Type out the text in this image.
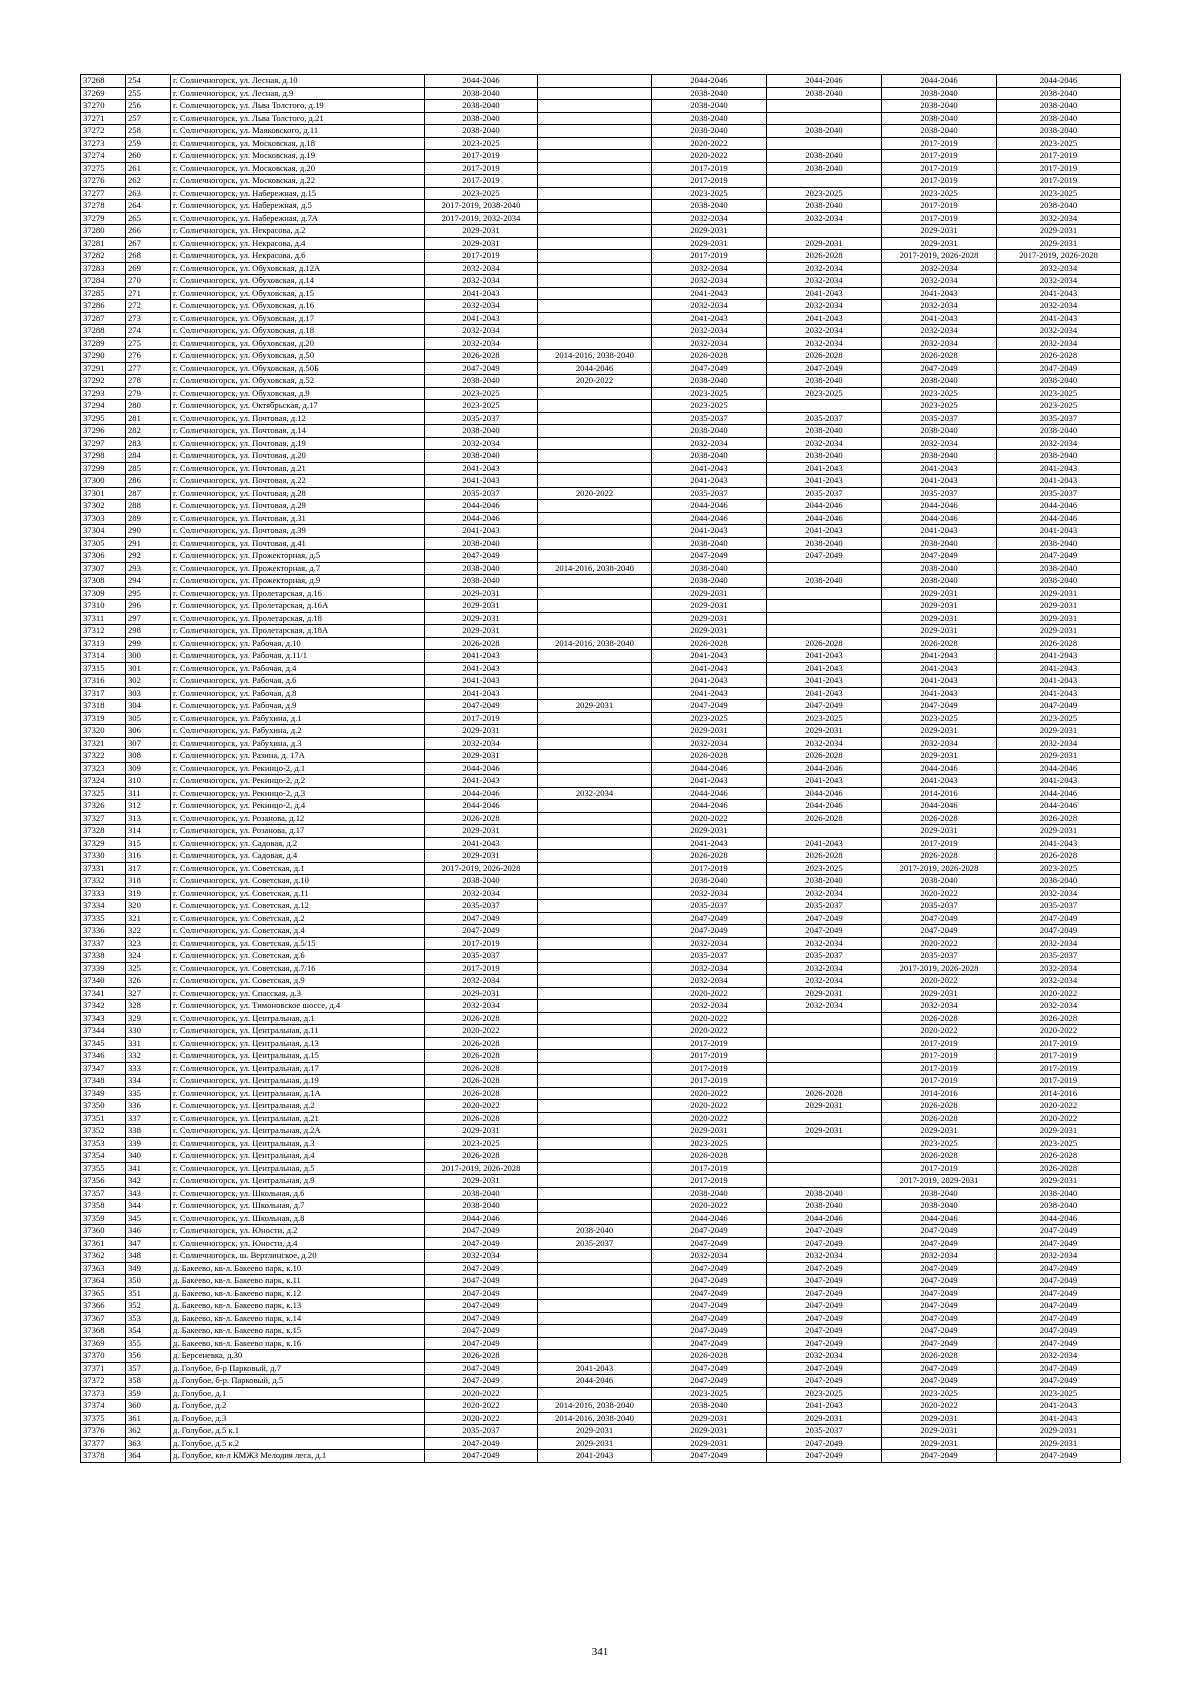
37268	254	г. Солнечногорск, ул. Лесная, д.10	2044-2046		2044-2046	2044-2046	2044-2046	2044-2046
37269	255	г. Солнечногорск, ул. Лесная, д.9	2038-2040		2038-2040	2038-2040	2038-2040	2038-2040
37270	256	г. Солнечногорск, ул. Льва Толстого, д.19	2038-2040		2038-2040		2038-2040	2038-2040
37271	257	г. Солнечногорск, ул. Льва Толстого, д.21	2038-2040		2038-2040		2038-2040	2038-2040
37272	258	г. Солнечногорск, ул. Маяковского, д.11	2038-2040		2038-2040	2038-2040	2038-2040	2038-2040
37273	259	г. Солнечногорск, ул. Московская, д.18	2023-2025		2020-2022		2017-2019	2023-2025
37274	260	г. Солнечногорск, ул. Московская, д.19	2017-2019		2020-2022	2038-2040	2017-2019	2017-2019
37275	261	г. Солнечногорск, ул. Московская, д.20	2017-2019		2017-2019	2038-2040	2017-2019	2017-2019
37276	262	г. Солнечногорск, ул. Московская, д.22	2017-2019		2017-2019		2017-2019	2017-2019
37277	263	г. Солнечногорск, ул. Набережная, д.15	2023-2025		2023-2025	2023-2025	2023-2025	2023-2025
37278	264	г. Солнечногорск, ул. Набережная, д.5	2017-2019, 2038-2040		2038-2040	2038-2040	2017-2019	2038-2040
37279	265	г. Солнечногорск, ул. Набережная, д.7А	2017-2019, 2032-2034		2032-2034	2032-2034	2017-2019	2032-2034
37280	266	г. Солнечногорск, ул. Некрасова, д.2	2029-2031		2029-2031		2029-2031	2029-2031
37281	267	г. Солнечногорск, ул. Некрасова, д.4	2029-2031		2029-2031	2029-2031	2029-2031	2029-2031
37282	268	г. Солнечногорск, ул. Некрасова, д.6	2017-2019		2017-2019	2026-2028	2017-2019, 2026-2028	2017-2019, 2026-2028
37283	269	г. Солнечногорск, ул. Обуховская, д.12А	2032-2034		2032-2034	2032-2034	2032-2034	2032-2034
37284	270	г. Солнечногорск, ул. Обуховская, д.14	2032-2034		2032-2034	2032-2034	2032-2034	2032-2034
37285	271	г. Солнечногорск, ул. Обуховская, д.15	2041-2043		2041-2043	2041-2043	2041-2043	2041-2043
37286	272	г. Солнечногорск, ул. Обуховская, д.16	2032-2034		2032-2034	2032-2034	2032-2034	2032-2034
37287	273	г. Солнечногорск, ул. Обуховская, д.17	2041-2043		2041-2043	2041-2043	2041-2043	2041-2043
37288	274	г. Солнечногорск, ул. Обуховская, д.18	2032-2034		2032-2034	2032-2034	2032-2034	2032-2034
37289	275	г. Солнечногорск, ул. Обуховская, д.20	2032-2034		2032-2034	2032-2034	2032-2034	2032-2034
37290	276	г. Солнечногорск, ул. Обуховская, д.50	2026-2028	2014-2016, 2038-2040	2026-2028	2026-2028	2026-2028	2026-2028
37291	277	г. Солнечногорск, ул. Обуховская, д.50Б	2047-2049	2044-2046	2047-2049	2047-2049	2047-2049	2047-2049
37292	278	г. Солнечногорск, ул. Обуховская, д.52	2038-2040	2020-2022	2038-2040	2038-2040	2038-2040	2038-2040
37293	279	г. Солнечногорск, ул. Обуховская, д.9	2023-2025		2023-2025	2023-2025	2023-2025	2023-2025
37294	280	г. Солнечногорск, ул. Октябрьская, д.17	2023-2025		2023-2025		2023-2025	2023-2025
37295	281	г. Солнечногорск, ул. Почтовая, д.12	2035-2037		2035-2037	2035-2037	2035-2037	2035-2037
37296	282	г. Солнечногорск, ул. Почтовая, д.14	2038-2040		2038-2040	2038-2040	2038-2040	2038-2040
37297	283	г. Солнечногорск, ул. Почтовая, д.19	2032-2034		2032-2034	2032-2034	2032-2034	2032-2034
37298	284	г. Солнечногорск, ул. Почтовая, д.20	2038-2040		2038-2040	2038-2040	2038-2040	2038-2040
37299	285	г. Солнечногорск, ул. Почтовая, д.21	2041-2043		2041-2043	2041-2043	2041-2043	2041-2043
37300	286	г. Солнечногорск, ул. Почтовая, д.22	2041-2043		2041-2043	2041-2043	2041-2043	2041-2043
37301	287	г. Солнечногорск, ул. Почтовая, д.28	2035-2037	2020-2022	2035-2037	2035-2037	2035-2037	2035-2037
37302	288	г. Солнечногорск, ул. Почтовая, д.29	2044-2046		2044-2046	2044-2046	2044-2046	2044-2046
37303	289	г. Солнечногорск, ул. Почтовая, д.31	2044-2046		2044-2046	2044-2046	2044-2046	2044-2046
37304	290	г. Солнечногорск, ул. Почтовая, д.39	2041-2043		2041-2043	2041-2043	2041-2043	2041-2043
37305	291	г. Солнечногорск, ул. Почтовая, д.41	2038-2040		2038-2040	2038-2040	2038-2040	2038-2040
37306	292	г. Солнечногорск, ул. Прожекторная, д.5	2047-2049		2047-2049	2047-2049	2047-2049	2047-2049
37307	293	г. Солнечногорск, ул. Прожекторная, д.7	2038-2040	2014-2016, 2038-2040	2038-2040		2038-2040	2038-2040
37308	294	г. Солнечногорск, ул. Прожекторная, д.9	2038-2040		2038-2040	2038-2040	2038-2040	2038-2040
37309	295	г. Солнечногорск, ул. Пролетарская, д.16	2029-2031		2029-2031		2029-2031	2029-2031
37310	296	г. Солнечногорск, ул. Пролетарская, д.16А	2029-2031		2029-2031		2029-2031	2029-2031
37311	297	г. Солнечногорск, ул. Пролетарская, д.18	2029-2031		2029-2031		2029-2031	2029-2031
37312	298	г. Солнечногорск, ул. Пролетарская, д.18А	2029-2031		2029-2031		2029-2031	2029-2031
37313	299	г. Солнечногорск, ул. Рабочая, д.10	2026-2028	2014-2016, 2038-2040	2026-2028	2026-2028	2026-2028	2026-2028
37314	300	г. Солнечногорск, ул. Рабочая, д.11/1	2041-2043		2041-2043	2041-2043	2041-2043	2041-2043
37315	301	г. Солнечногорск, ул. Рабочая, д.4	2041-2043		2041-2043	2041-2043	2041-2043	2041-2043
37316	302	г. Солнечногорск, ул. Рабочая, д.6	2041-2043		2041-2043	2041-2043	2041-2043	2041-2043
37317	303	г. Солнечногорск, ул. Рабочая, д.8	2041-2043		2041-2043	2041-2043	2041-2043	2041-2043
37318	304	г. Солнечногорск, ул. Рабочая, д.9	2047-2049	2029-2031	2047-2049	2047-2049	2047-2049	2047-2049
37319	305	г. Солнечногорск, ул. Рабухина, д.1	2017-2019		2023-2025	2023-2025	2023-2025	2023-2025
37320	306	г. Солнечногорск, ул. Рабухина, д.2	2029-2031		2029-2031	2029-2031	2029-2031	2029-2031
37321	307	г. Солнечногорск, ул. Рабухина, д.3	2032-2034		2032-2034	2032-2034	2032-2034	2032-2034
37322	308	г. Солнечногорск, ул. Разина, д. 17А	2029-2031		2026-2028	2026-2028	2029-2031	2029-2031
37323	309	г. Солнечногорск, ул. Рекинцо-2, д.1	2044-2046		2044-2046	2044-2046	2044-2046	2044-2046
37324	310	г. Солнечногорск, ул. Рекинцо-2, д.2	2041-2043		2041-2043	2041-2043	2041-2043	2041-2043
37325	311	г. Солнечногорск, ул. Рекинцо-2, д.3	2044-2046	2032-2034	2044-2046	2044-2046	2014-2016	2044-2046
37326	312	г. Солнечногорск, ул. Рекинцо-2, д.4	2044-2046		2044-2046	2044-2046	2044-2046	2044-2046
37327	313	г. Солнечногорск, ул. Розанова, д.12	2026-2028		2020-2022	2026-2028	2026-2028	2026-2028
37328	314	г. Солнечногорск, ул. Розанова, д.17	2029-2031		2029-2031		2029-2031	2029-2031
37329	315	г. Солнечногорск, ул. Садовая, д.2	2041-2043		2041-2043	2041-2043	2017-2019	2041-2043
37330	316	г. Солнечногорск, ул. Садовая, д.4	2029-2031		2026-2028	2026-2028	2026-2028	2026-2028
37331	317	г. Солнечногорск, ул. Советская, д.1	2017-2019, 2026-2028		2017-2019	2023-2025	2017-2019, 2026-2028	2023-2025
37332	318	г. Солнечногорск, ул. Советская, д.10	2038-2040		2038-2040	2038-2040	2038-2040	2038-2040
37333	319	г. Солнечногорск, ул. Советская, д.11	2032-2034		2032-2034	2032-2034	2020-2022	2032-2034
37334	320	г. Солнечногорск, ул. Советская, д.12	2035-2037		2035-2037	2035-2037	2035-2037	2035-2037
37335	321	г. Солнечногорск, ул. Советская, д.2	2047-2049		2047-2049	2047-2049	2047-2049	2047-2049
37336	322	г. Солнечногорск, ул. Советская, д.4	2047-2049		2047-2049	2047-2049	2047-2049	2047-2049
37337	323	г. Солнечногорск, ул. Советская, д.5/15	2017-2019		2032-2034	2032-2034	2020-2022	2032-2034
37338	324	г. Солнечногорск, ул. Советская, д.6	2035-2037		2035-2037	2035-2037	2035-2037	2035-2037
37339	325	г. Солнечногорск, ул. Советская, д.7/16	2017-2019		2032-2034	2032-2034	2017-2019, 2026-2028	2032-2034
37340	326	г. Солнечногорск, ул. Советская, д.9	2032-2034		2032-2034	2032-2034	2020-2022	2032-2034
37341	327	г. Солнечногорск, ул. Спасская, д.3	2029-2031		2020-2022	2029-2031	2029-2031	2020-2022
37342	328	г. Солнечногорск, ул. Тимоновское шоссе, д.4	2032-2034		2032-2034	2032-2034	2032-2034	2032-2034
37343	329	г. Солнечногорск, ул. Центральная, д.1	2026-2028		2020-2022		2026-2028	2026-2028
37344	330	г. Солнечногорск, ул. Центральная, д.11	2020-2022		2020-2022		2020-2022	2020-2022
37345	331	г. Солнечногорск, ул. Центральная, д.13	2026-2028		2017-2019		2017-2019	2017-2019
37346	332	г. Солнечногорск, ул. Центральная, д.15	2026-2028		2017-2019		2017-2019	2017-2019
37347	333	г. Солнечногорск, ул. Центральная, д.17	2026-2028		2017-2019		2017-2019	2017-2019
37348	334	г. Солнечногорск, ул. Центральная, д.19	2026-2028		2017-2019		2017-2019	2017-2019
37349	335	г. Солнечногорск, ул. Центральная, д.1А	2026-2028		2020-2022	2026-2028	2014-2016	2014-2016
37350	336	г. Солнечногорск, ул. Центральная, д.2	2020-2022		2020-2022	2029-2031	2026-2028	2020-2022
37351	337	г. Солнечногорск, ул. Центральная, д.21	2026-2028		2020-2022		2026-2028	2020-2022
37352	338	г. Солнечногорск, ул. Центральная, д.2А	2029-2031		2029-2031	2029-2031	2029-2031	2029-2031
37353	339	г. Солнечногорск, ул. Центральная, д.3	2023-2025		2023-2025		2023-2025	2023-2025
37354	340	г. Солнечногорск, ул. Центральная, д.4	2026-2028		2026-2028		2026-2028	2026-2028
37355	341	г. Солнечногорск, ул. Центральная, д.5	2017-2019, 2026-2028		2017-2019		2017-2019	2026-2028
37356	342	г. Солнечногорск, ул. Центральная, д.9	2029-2031		2017-2019		2017-2019, 2029-2031	2029-2031
37357	343	г. Солнечногорск, ул. Школьная, д.6	2038-2040		2038-2040	2038-2040	2038-2040	2038-2040
37358	344	г. Солнечногорск, ул. Школьная, д.7	2038-2040		2020-2022	2038-2040	2038-2040	2038-2040
37359	345	г. Солнечногорск, ул. Школьная, д.8	2044-2046		2044-2046	2044-2046	2044-2046	2044-2046
37360	346	г. Солнечногорск, ул. Юности, д.2	2047-2049	2038-2040	2047-2049	2047-2049	2047-2049	2047-2049
37361	347	г. Солнечногорск, ул. Юности, д.4	2047-2049	2035-2037	2047-2049	2047-2049	2047-2049	2047-2049
37362	348	г. Солнечногорск, ш. Вертлинское, д.20	2032-2034		2032-2034	2032-2034	2032-2034	2032-2034
37363	349	д. Бакеево, кв-л. Бакеево парк, к.10	2047-2049		2047-2049	2047-2049	2047-2049	2047-2049
37364	350	д. Бакеево, кв-л. Бакеево парк, к.11	2047-2049		2047-2049	2047-2049	2047-2049	2047-2049
37365	351	д. Бакеево, кв-л. Бакеево парк, к.12	2047-2049		2047-2049	2047-2049	2047-2049	2047-2049
37366	352	д. Бакеево, кв-л. Бакеево парк, к.13	2047-2049		2047-2049	2047-2049	2047-2049	2047-2049
37367	353	д. Бакеево, кв-л. Бакеево парк, к.14	2047-2049		2047-2049	2047-2049	2047-2049	2047-2049
37368	354	д. Бакеево, кв-л. Бакеево парк, к.15	2047-2049		2047-2049	2047-2049	2047-2049	2047-2049
37369	355	д. Бакеево, кв-л. Бакеево парк, к.16	2047-2049		2047-2049	2047-2049	2047-2049	2047-2049
37370	356	д. Берсеневка, д.30	2026-2028		2026-2028	2032-2034	2026-2028	2032-2034
37371	357	д. Голубое, б-р Парковый, д.7	2047-2049	2041-2043	2047-2049	2047-2049	2047-2049	2047-2049
37372	358	д. Голубое, б-р. Парковый, д.5	2047-2049	2044-2046	2047-2049	2047-2049	2047-2049	2047-2049
37373	359	д. Голубое, д.1	2020-2022		2023-2025	2023-2025	2023-2025	2023-2025
37374	360	д. Голубое, д.2	2020-2022	2014-2016, 2038-2040	2038-2040	2041-2043	2020-2022	2041-2043
37375	361	д. Голубое, д.3	2020-2022	2014-2016, 2038-2040	2029-2031	2029-2031	2029-2031	2041-2043
37376	362	д. Голубое, д.5 к.1	2035-2037	2029-2031	2029-2031	2035-2037	2029-2031	2029-2031
37377	363	д. Голубое, д.5 к.2	2047-2049	2029-2031	2029-2031	2047-2049	2029-2031	2029-2031
37378	364	д. Голубое, кв-л КМЖЗ Мелодия леса, д.1	2047-2049	2041-2043	2047-2049	2047-2049	2047-2049	2047-2049
341
